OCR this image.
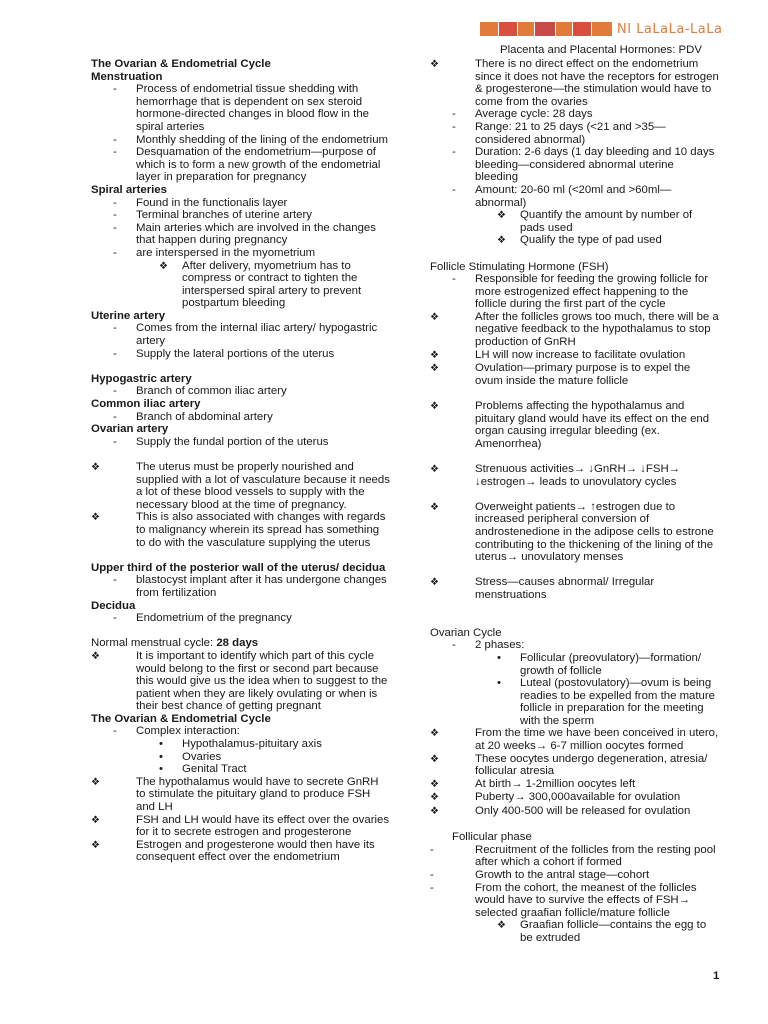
NI LaLaLa-LaLa
Placenta and Placental Hormones: PDV
The Ovarian & Endometrial Cycle
Menstruation
-	Process of endometrial tissue shedding with hemorrhage that is dependent on sex steroid hormone-directed changes in blood flow in the spiral arteries
-	Monthly shedding of the lining of the endometrium
-	Desquamation of the endometrium—purpose of which is to form a new growth of the endometrial layer in preparation for pregnancy
Spiral arteries
-	Found in the functionalis layer
-	Terminal branches of uterine artery
-	Main arteries which are involved in the changes that happen during pregnancy
-	are interspersed in the myometrium
❖	After delivery, myometrium has to compress or contract to tighten the interspersed spiral artery to prevent postpartum bleeding
Uterine artery
-	Comes from the internal iliac artery/ hypogastric artery
-	Supply the lateral portions of the uterus
Hypogastric artery
-	Branch of common iliac artery
Common iliac artery
-	Branch of abdominal artery
Ovarian artery
-	Supply the fundal portion of the uterus
❖	The uterus must be properly nourished and supplied with a lot of vasculature because it needs a lot of these blood vessels to supply with the necessary blood at the time of pregnancy.
❖	This is also associated with changes with regards to malignancy wherein its spread has something to do with the vasculature supplying the uterus
Upper third of the posterior wall of the uterus/ decidua
-	blastocyst implant after it has undergone changes from fertilization
Decidua
-	Endometrium of the pregnancy
Normal menstrual cycle: 28 days
❖	It is important to identify which part of this cycle would belong to the first or second part because this would give us the idea when to suggest to the patient when they are likely ovulating or when is their best chance of getting pregnant
The Ovarian & Endometrial Cycle
-	Complex interaction:
•	Hypothalamus-pituitary axis
•	Ovaries
•	Genital Tract
❖	The hypothalamus would have to secrete GnRH to stimulate the pituitary gland to produce FSH and LH
❖	FSH and LH would have its effect over the ovaries for it to secrete estrogen and progesterone
❖	Estrogen and progesterone would then have its consequent effect over the endometrium
❖	There is no direct effect on the endometrium since it does not have the receptors for estrogen & progesterone—the stimulation would have to come from the ovaries
-	Average cycle: 28 days
-	Range: 21 to 25 days (<21 and >35—considered abnormal)
-	Duration: 2-6 days (1 day bleeding and 10 days bleeding—considered abnormal uterine bleeding
-	Amount: 20-60 ml (<20ml and >60ml—abnormal)
❖	Quantify the amount by number of pads used
❖	Qualify the type of pad used
Follicle Stimulating Hormone (FSH)
-	Responsible for feeding the growing follicle for more estrogenized effect happening to the follicle during the first part of the cycle
❖	After the follicles grows too much, there will be a negative feedback to the hypothalamus to stop production of GnRH
❖	LH will now increase to facilitate ovulation
❖	Ovulation—primary purpose is to expel the ovum inside the mature follicle
❖	Problems affecting the hypothalamus and pituitary gland would have its effect on the end organ causing irregular bleeding (ex. Amenorrhea)
❖	Strenuous activities→ ↓GnRH→ ↓FSH→ ↓estrogen→ leads to unovulatory cycles
❖	Overweight patients→ ↑estrogen due to increased peripheral conversion of androstenedione in the adipose cells to estrone contributing to the thickening of the lining of the uterus→ unovulatory menses
❖	Stress—causes abnormal/ Irregular menstruations
Ovarian Cycle
-	2 phases:
•	Follicular (preovulatory)—formation/ growth of follicle
•	Luteal (postovulatory)—ovum is being readies to be expelled from the mature follicle in preparation for the meeting with the sperm
❖	From the time we have been conceived in utero, at 20 weeks→ 6-7 million oocytes formed
❖	These oocytes undergo degeneration, atresia/ follicular atresia
❖	At birth→ 1-2million oocytes left
❖	Puberty→ 300,000available for ovulation
❖	Only 400-500 will be released for ovulation
Follicular phase
-	Recruitment of the follicles from the resting pool after which a cohort if formed
-	Growth to the antral stage—cohort
-	From the cohort, the meanest of the follicles would have to survive the effects of FSH→ selected graafian follicle/mature follicle
❖	Graafian follicle—contains the egg to be extruded
1
